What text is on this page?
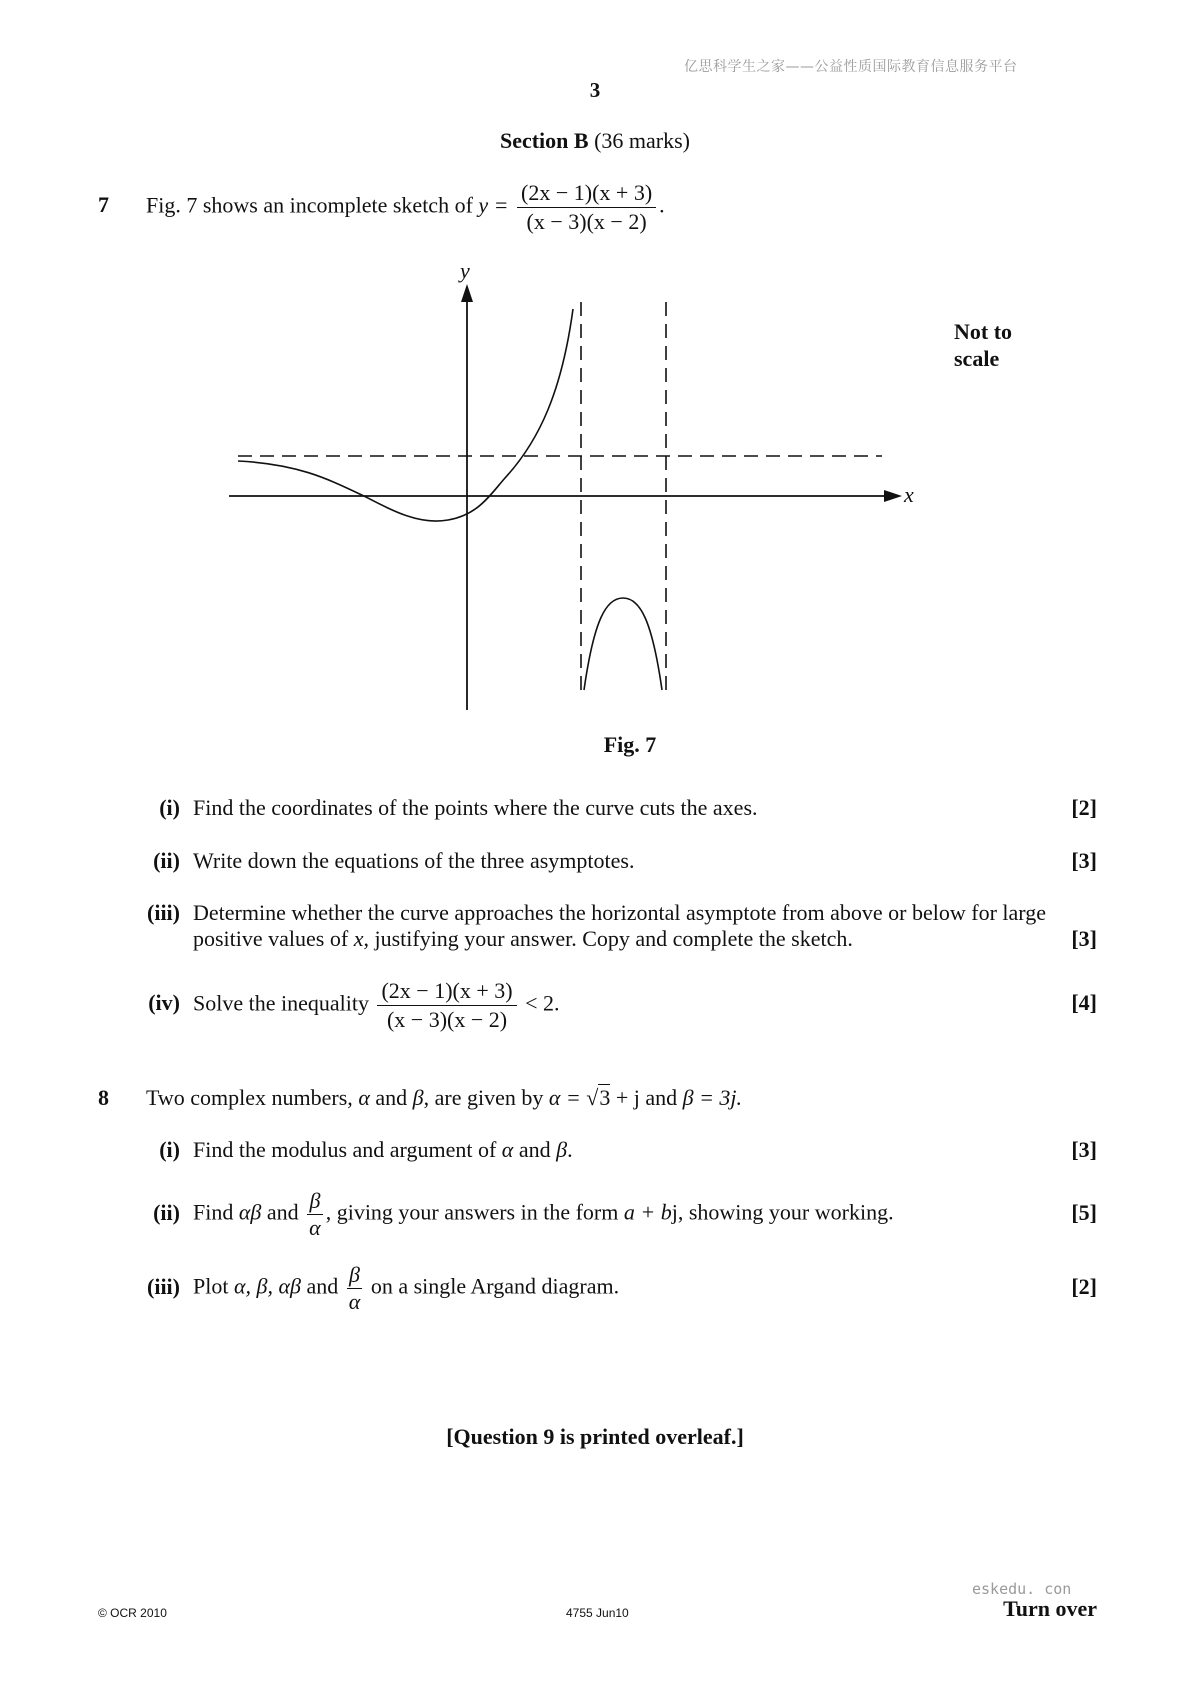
亿思科学生之家——公益性质国际教育信息服务平台
3
Section B (36 marks)
7 Fig. 7 shows an incomplete sketch of $y = \frac{(2x - 1)(x + 3)}{(x - 3)(x - 2)}$ .
y
x
Not to
scale
Fig. 7
(i) Find the coordinates of the points where the curve cuts the axes.	[2]
(ii) Write down the equations of the three asymptotes.	[3]
(iii) Determine whether the curve approaches the horizontal asymptote from above or below for large
positive values of x, justifying your answer. Copy and complete the sketch.	[3]
(iv) Solve the inequality $\frac{(2x - 1)(x + 3)}{(x - 3)(x - 2)} < 2$.	[4]
8 Two complex numbers, α and β, are given by α = √3 + j and β = 3j.
(i) Find the modulus and argument of α and β.	[3]
(ii) Find αβ and $\frac{\beta}{\alpha}$ , giving your answers in the form a + bj, showing your working.	[5]
(iii) Plot α, β, αβ and $\frac{\beta}{\alpha}$ on a single Argand diagram.	[2]
[Question 9 is printed overleaf.]
eskedu. con
© OCR 2010	4755 Jun10	Turn over
